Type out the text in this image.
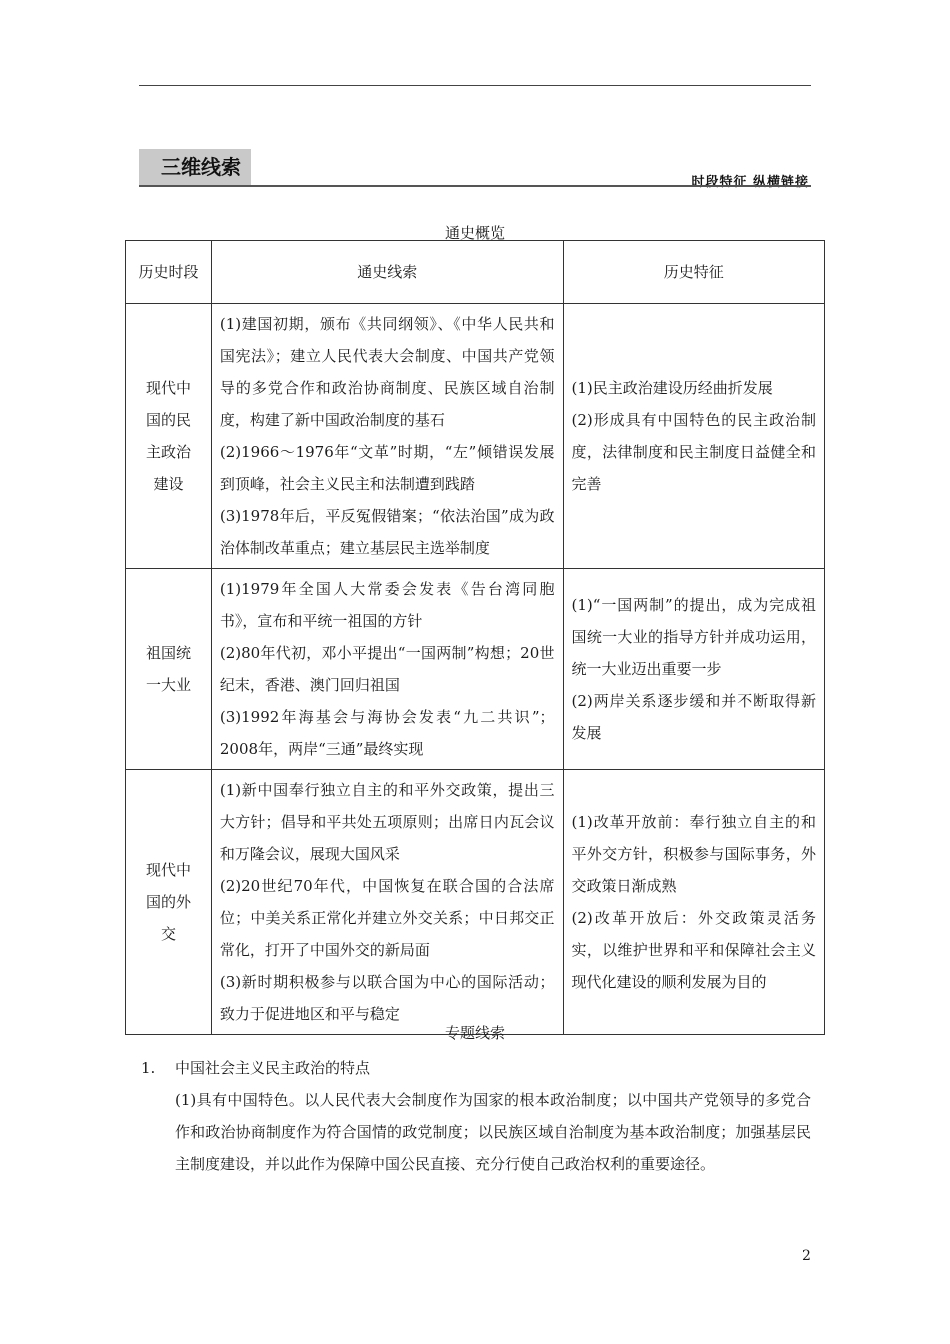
三维线索
时段特征 纵横链接
通史概览
历史时段	通史线索	历史特征

现代中
国的民
主政治
建设	(1)建国初期，颁布《共同纲领》、《中华人民共和国宪法》；建立人民代表大会制度、中国共产党领导的多党合作和政治协商制度、民族区域自治制度，构建了新中国政治制度的基石
(2)1966～1976年“文革”时期，“左”倾错误发展到顶峰，社会主义民主和法制遭到践踏
(3)1978年后，平反冤假错案；“依法治国”成为政治体制改革重点；建立基层民主选举制度	(1)民主政治建设历经曲折发展
(2)形成具有中国特色的民主政治制度，法律制度和民主制度日益健全和完善

祖国统
一大业	(1)1979年全国人大常委会发表《告台湾同胞书》，宣布和平统一祖国的方针
(2)80年代初，邓小平提出“一国两制”构想；20世纪末，香港、澳门回归祖国
(3)1992年海基会与海协会发表“九二共识”；2008年，两岸“三通”最终实现	(1)“一国两制”的提出，成为完成祖国统一大业的指导方针并成功运用，统一大业迈出重要一步
(2)两岸关系逐步缓和并不断取得新发展

现代中
国的外
交	(1)新中国奉行独立自主的和平外交政策，提出三大方针；倡导和平共处五项原则；出席日内瓦会议和万隆会议，展现大国风采
(2)20世纪70年代，中国恢复在联合国的合法席位；中美关系正常化并建立外交关系；中日邦交正常化，打开了中国外交的新局面
(3)新时期积极参与以联合国为中心的国际活动；致力于促进地区和平与稳定	(1)改革开放前：奉行独立自主的和平外交方针，积极参与国际事务，外交政策日渐成熟
(2)改革开放后：外交政策灵活务实，以维护世界和平和保障社会主义现代化建设的顺利发展为目的
专题线索
1. 中国社会主义民主政治的特点
(1)具有中国特色。以人民代表大会制度作为国家的根本政治制度；以中国共产党领导的多党合作和政治协商制度作为符合国情的政党制度；以民族区域自治制度为基本政治制度；加强基层民主制度建设，并以此作为保障中国公民直接、充分行使自己政治权利的重要途径。
2
